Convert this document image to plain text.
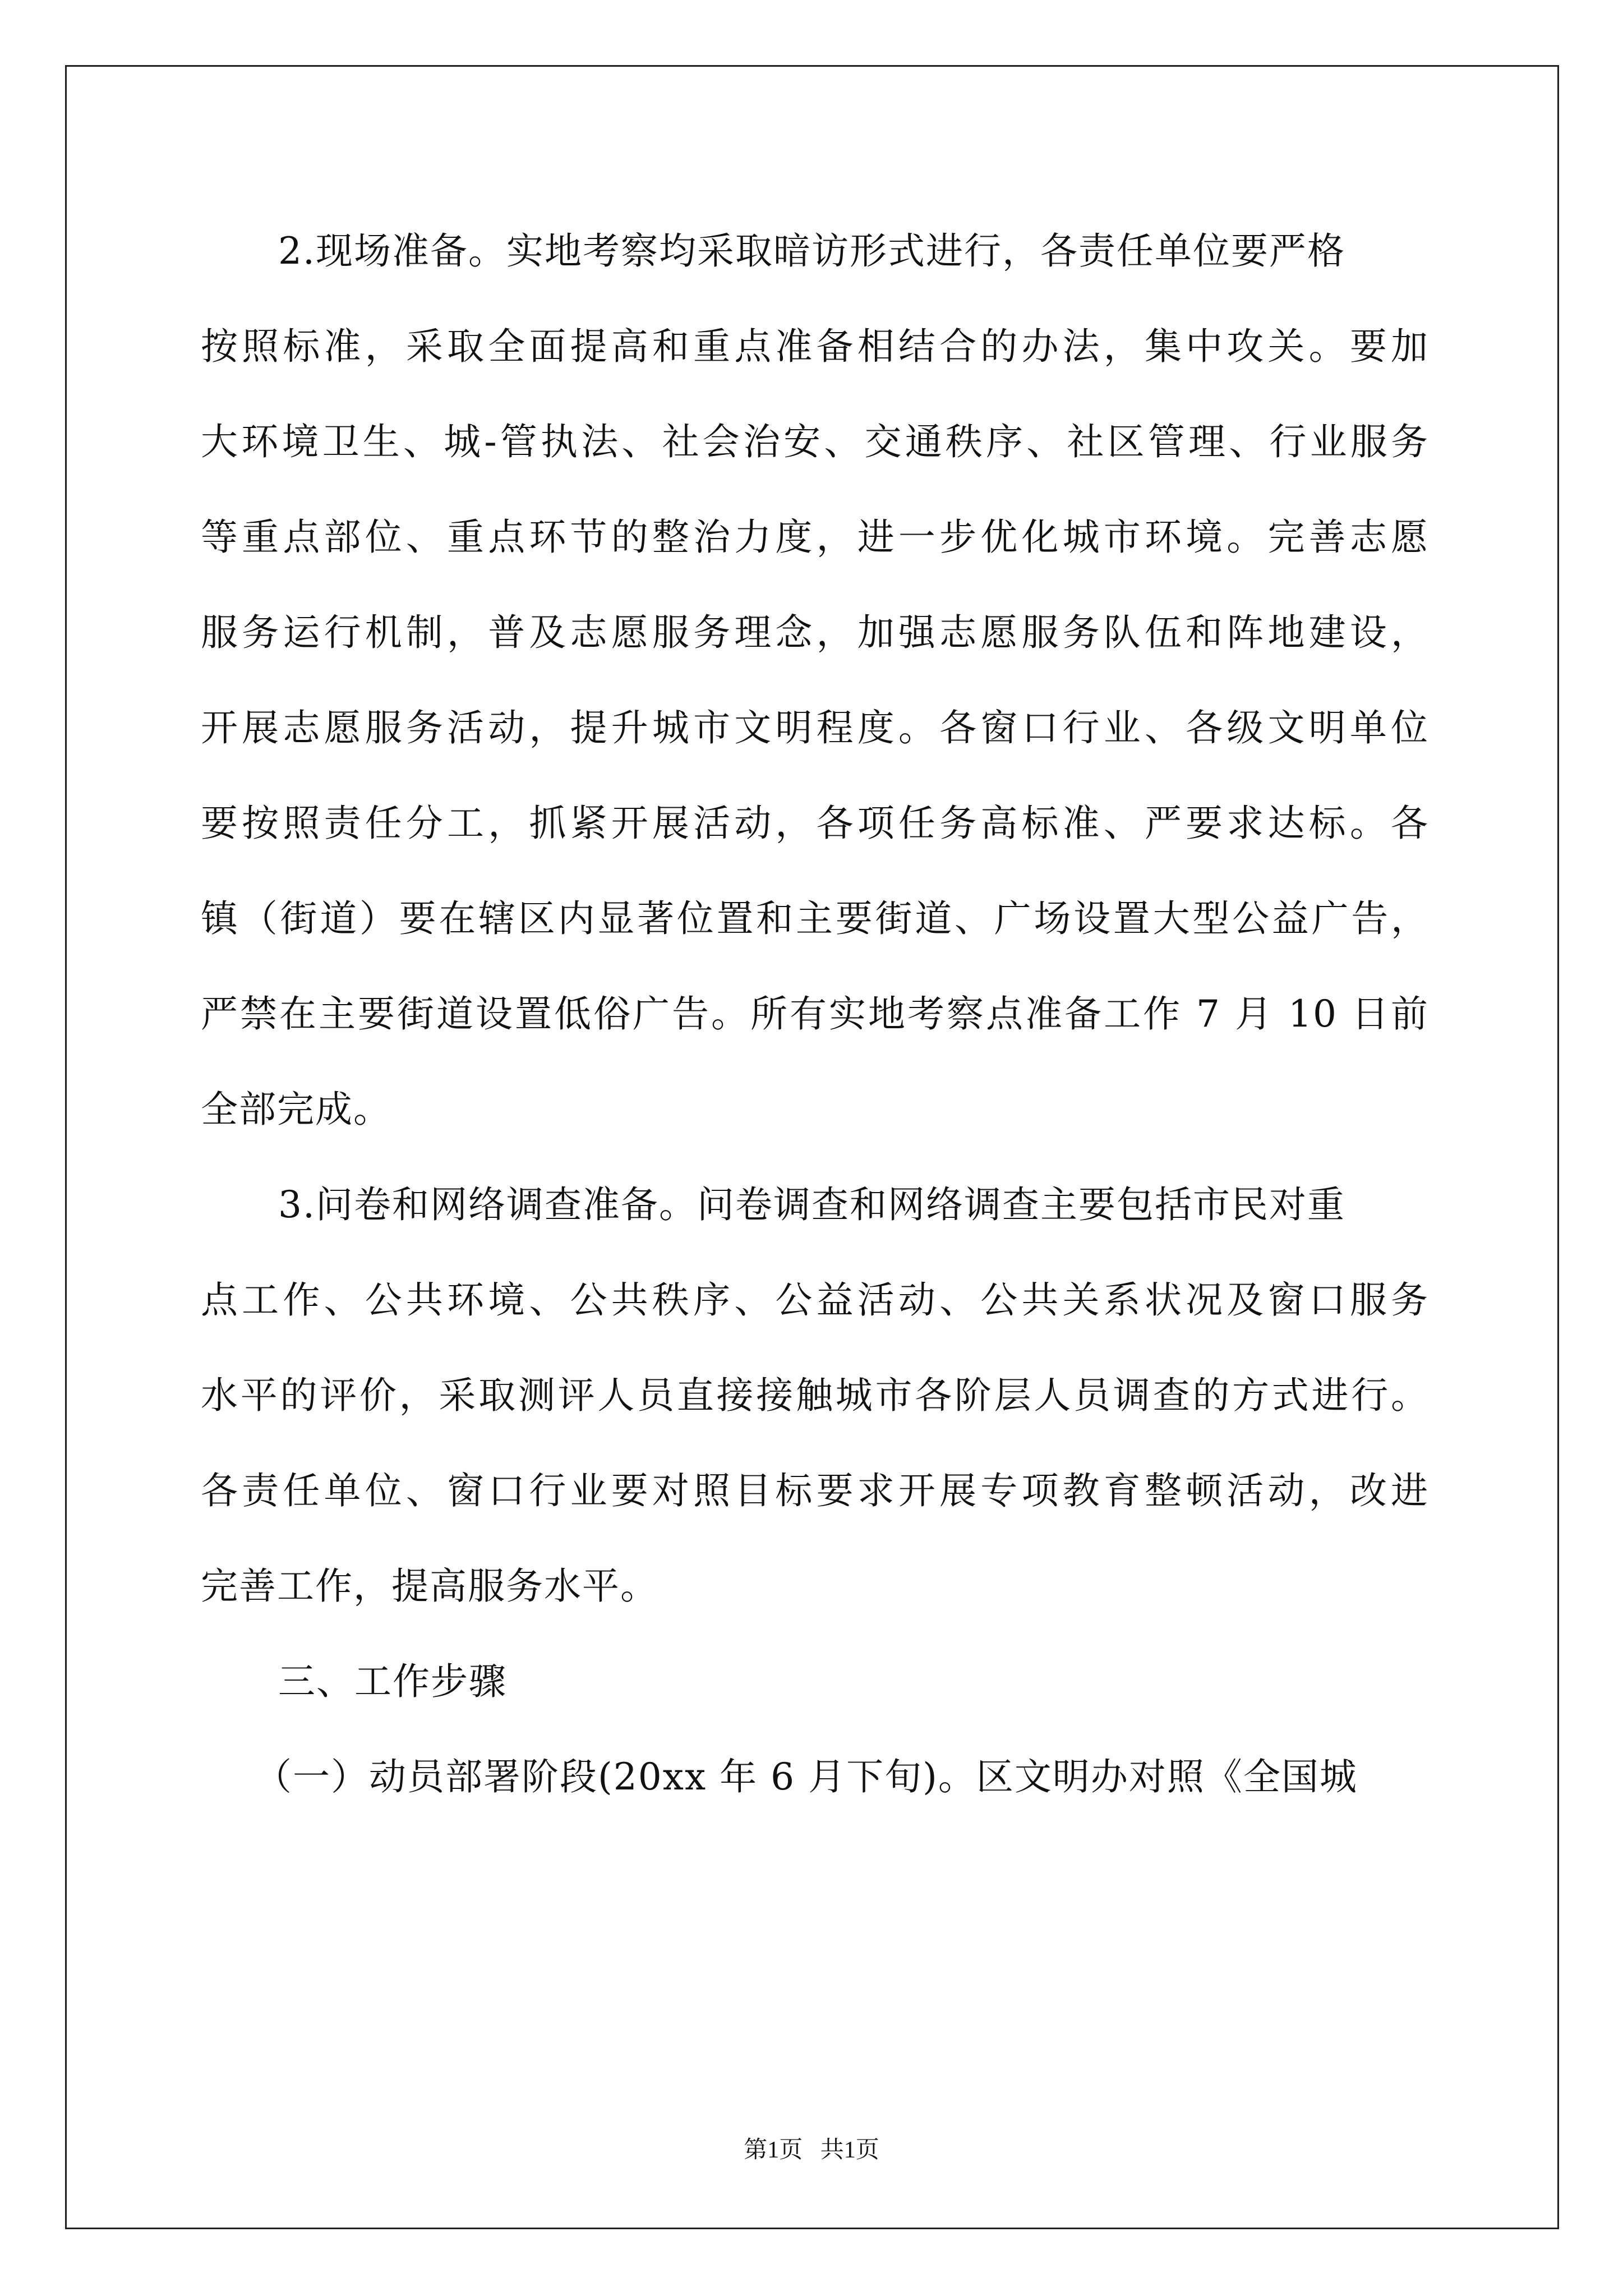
2.现场准备。实地考察均采取暗访形式进行，各责任单位要严格
按照标准，采取全面提高和重点准备相结合的办法，集中攻关。要加
大环境卫生、城-管执法、社会治安、交通秩序、社区管理、行业服务
等重点部位、重点环节的整治力度，进一步优化城市环境。完善志愿
服务运行机制，普及志愿服务理念，加强志愿服务队伍和阵地建设，
开展志愿服务活动，提升城市文明程度。各窗口行业、各级文明单位
要按照责任分工，抓紧开展活动，各项任务高标准、严要求达标。各
镇（街道）要在辖区内显著位置和主要街道、广场设置大型公益广告，
严禁在主要街道设置低俗广告。所有实地考察点准备工作 7 月 10 日前
全部完成。
3.问卷和网络调查准备。问卷调查和网络调查主要包括市民对重
点工作、公共环境、公共秩序、公益活动、公共关系状况及窗口服务
水平的评价，采取测评人员直接接触城市各阶层人员调查的方式进行。
各责任单位、窗口行业要对照目标要求开展专项教育整顿活动，改进
完善工作，提高服务水平。
三、工作步骤
（一）动员部署阶段(20xx 年 6 月下旬)。区文明办对照《全国城
第1页   共1页
